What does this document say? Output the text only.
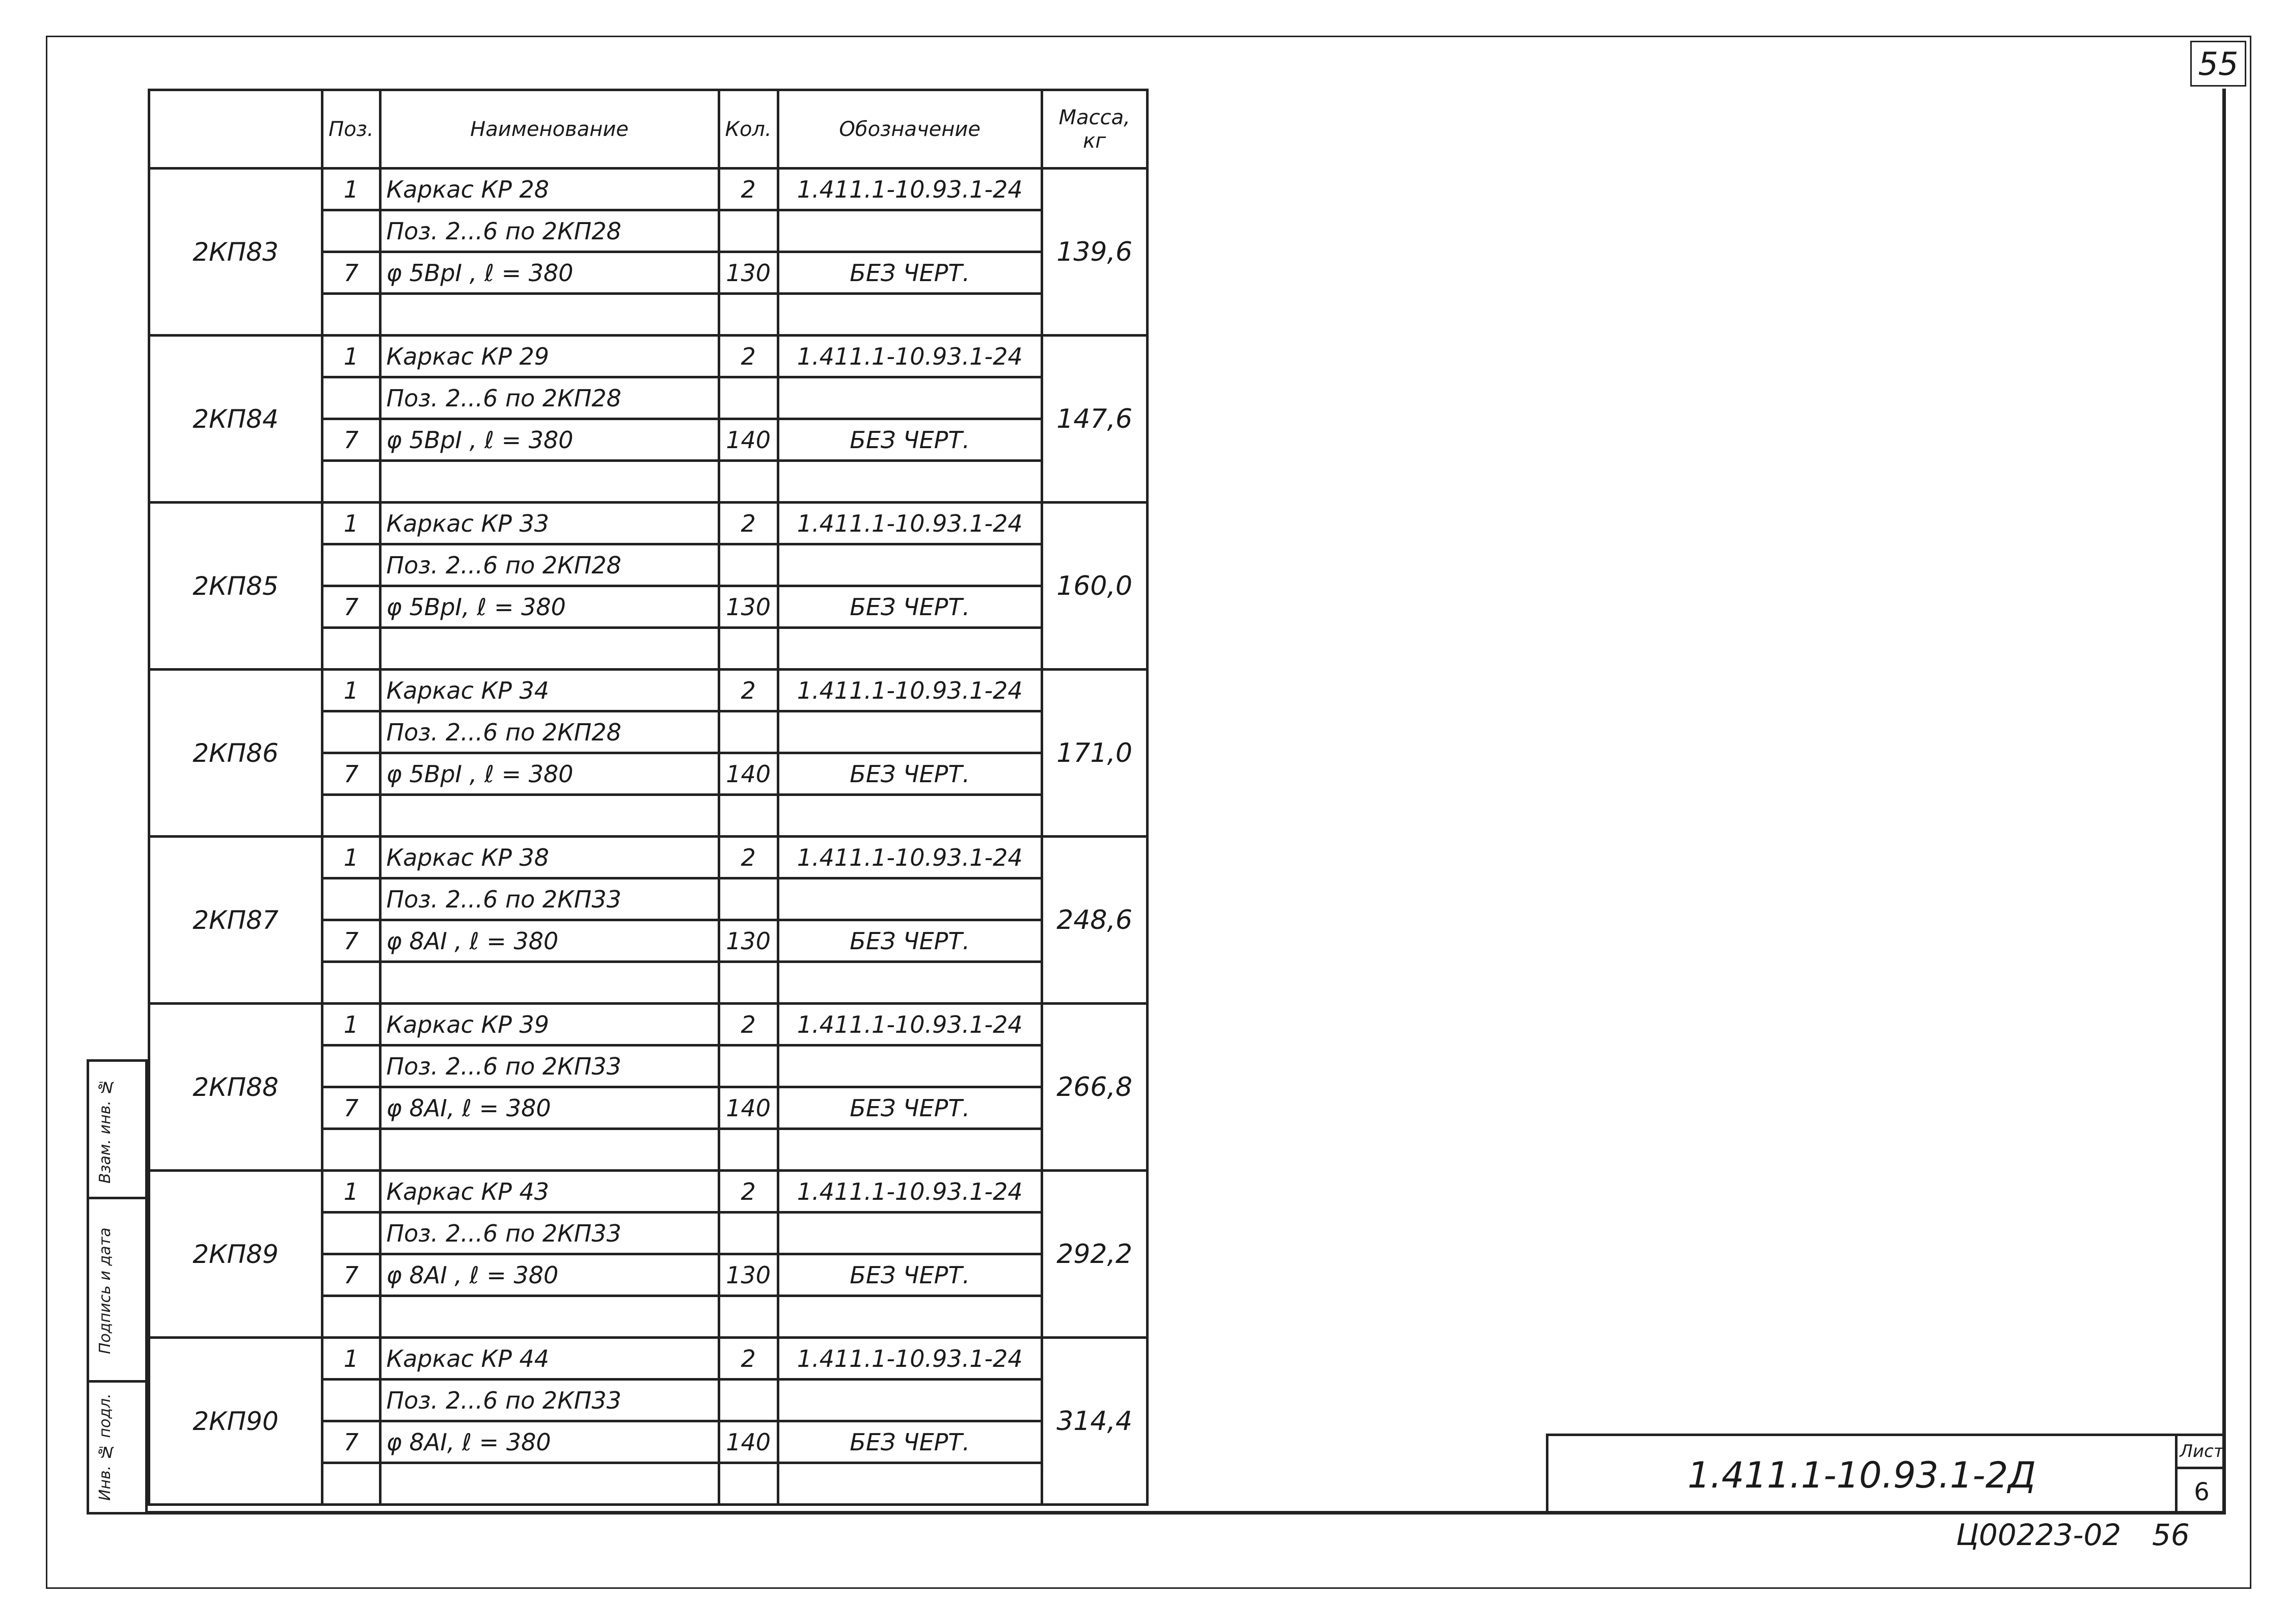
55
	Поз.	Наименование	Кол.	Обозначение	Масса, кг
2КП83	1	Каркас КР 28	2	1.411.1-10.93.1-24	139,6
		Поз. 2...6 по 2КП28			
	7	φ 5ВрI , ℓ = 380	130	БЕЗ ЧЕРТ.	

2КП84	1	Каркас КР 29	2	1.411.1-10.93.1-24	147,6
		Поз. 2...6 по 2КП28			
	7	φ 5ВрI , ℓ = 380	140	БЕЗ ЧЕРТ.	

2КП85	1	Каркас КР 33	2	1.411.1-10.93.1-24	160,0
		Поз. 2...6 по 2КП28			
	7	φ 5ВрI, ℓ = 380	130	БЕЗ ЧЕРТ.	

2КП86	1	Каркас КР 34	2	1.411.1-10.93.1-24	171,0
		Поз. 2...6 по 2КП28			
	7	φ 5ВрI , ℓ = 380	140	БЕЗ ЧЕРТ.	

2КП87	1	Каркас КР 38	2	1.411.1-10.93.1-24	248,6
		Поз. 2...6 по 2КП33			
	7	φ 8АI , ℓ = 380	130	БЕЗ ЧЕРТ.	

2КП88	1	Каркас КР 39	2	1.411.1-10.93.1-24	266,8
		Поз. 2...6 по 2КП33			
	7	φ 8АI, ℓ = 380	140	БЕЗ ЧЕРТ.	

2КП89	1	Каркас КР 43	2	1.411.1-10.93.1-24	292,2
		Поз. 2...6 по 2КП33			
	7	φ 8АI , ℓ = 380	130	БЕЗ ЧЕРТ.	

2КП90	1	Каркас КР 44	2	1.411.1-10.93.1-24	314,4
		Поз. 2...6 по 2КП33			
	7	φ 8АI, ℓ = 380	140	БЕЗ ЧЕРТ.	

1.411.1-10.93.1-2Д
Лист
6
Ц00223-02 56
Взам. инв. №
Подпись и дата
Инв. № подл.
